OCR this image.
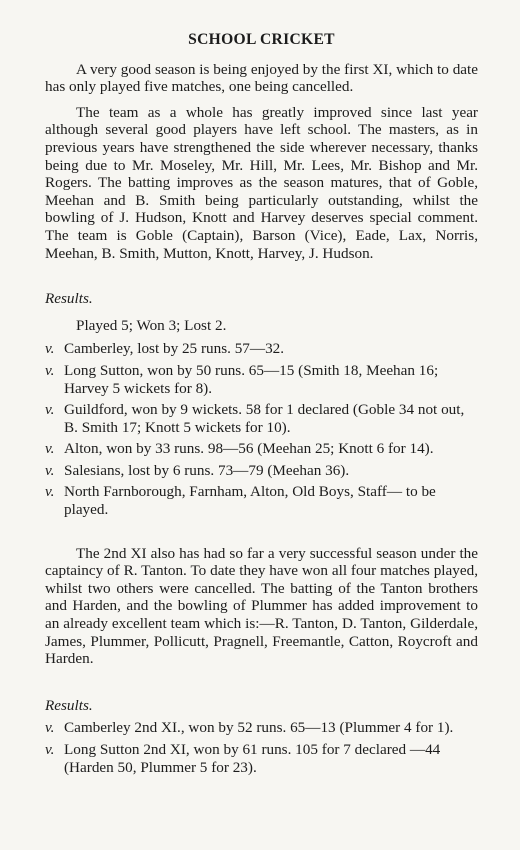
SCHOOL CRICKET

A very good season is being enjoyed by the first XI, which to date has only played five matches, one being cancelled.

The team as a whole has greatly improved since last year although several good players have left school. The masters, as in previous years have strengthened the side wherever necessary, thanks being due to Mr. Moseley, Mr. Hill, Mr. Lees, Mr. Bishop and Mr. Rogers. The batting improves as the season matures, that of Goble, Meehan and B. Smith being particularly outstanding, whilst the bowling of J. Hudson, Knott and Harvey deserves special comment. The team is Goble (Captain), Barson (Vice), Eade, Lax, Norris, Meehan, B. Smith, Mutton, Knott, Harvey, J. Hudson.

Results.
Played 5; Won 3; Lost 2.
v. Camberley, lost by 25 runs. 57—32.
v. Long Sutton, won by 50 runs. 65—15 (Smith 18, Meehan 16; Harvey 5 wickets for 8).
v. Guildford, won by 9 wickets. 58 for 1 declared (Goble 34 not out, B. Smith 17; Knott 5 wickets for 10).
v. Alton, won by 33 runs. 98—56 (Meehan 25; Knott 6 for 14).
v. Salesians, lost by 6 runs. 73—79 (Meehan 36).
v. North Farnborough, Farnham, Alton, Old Boys, Staff— to be played.

The 2nd XI also has had so far a very successful season under the captaincy of R. Tanton. To date they have won all four matches played, whilst two others were cancelled. The batting of the Tanton brothers and Harden, and the bowling of Plummer has added improvement to an already excellent team which is:—R. Tanton, D. Tanton, Gilderdale, James, Plummer, Pollicutt, Pragnell, Freemantle, Catton, Roycroft and Harden.

Results.
v. Camberley 2nd XI., won by 52 runs. 65—13 (Plummer 4 for 1).
v. Long Sutton 2nd XI, won by 61 runs. 105 for 7 declared —44 (Harden 50, Plummer 5 for 23).
